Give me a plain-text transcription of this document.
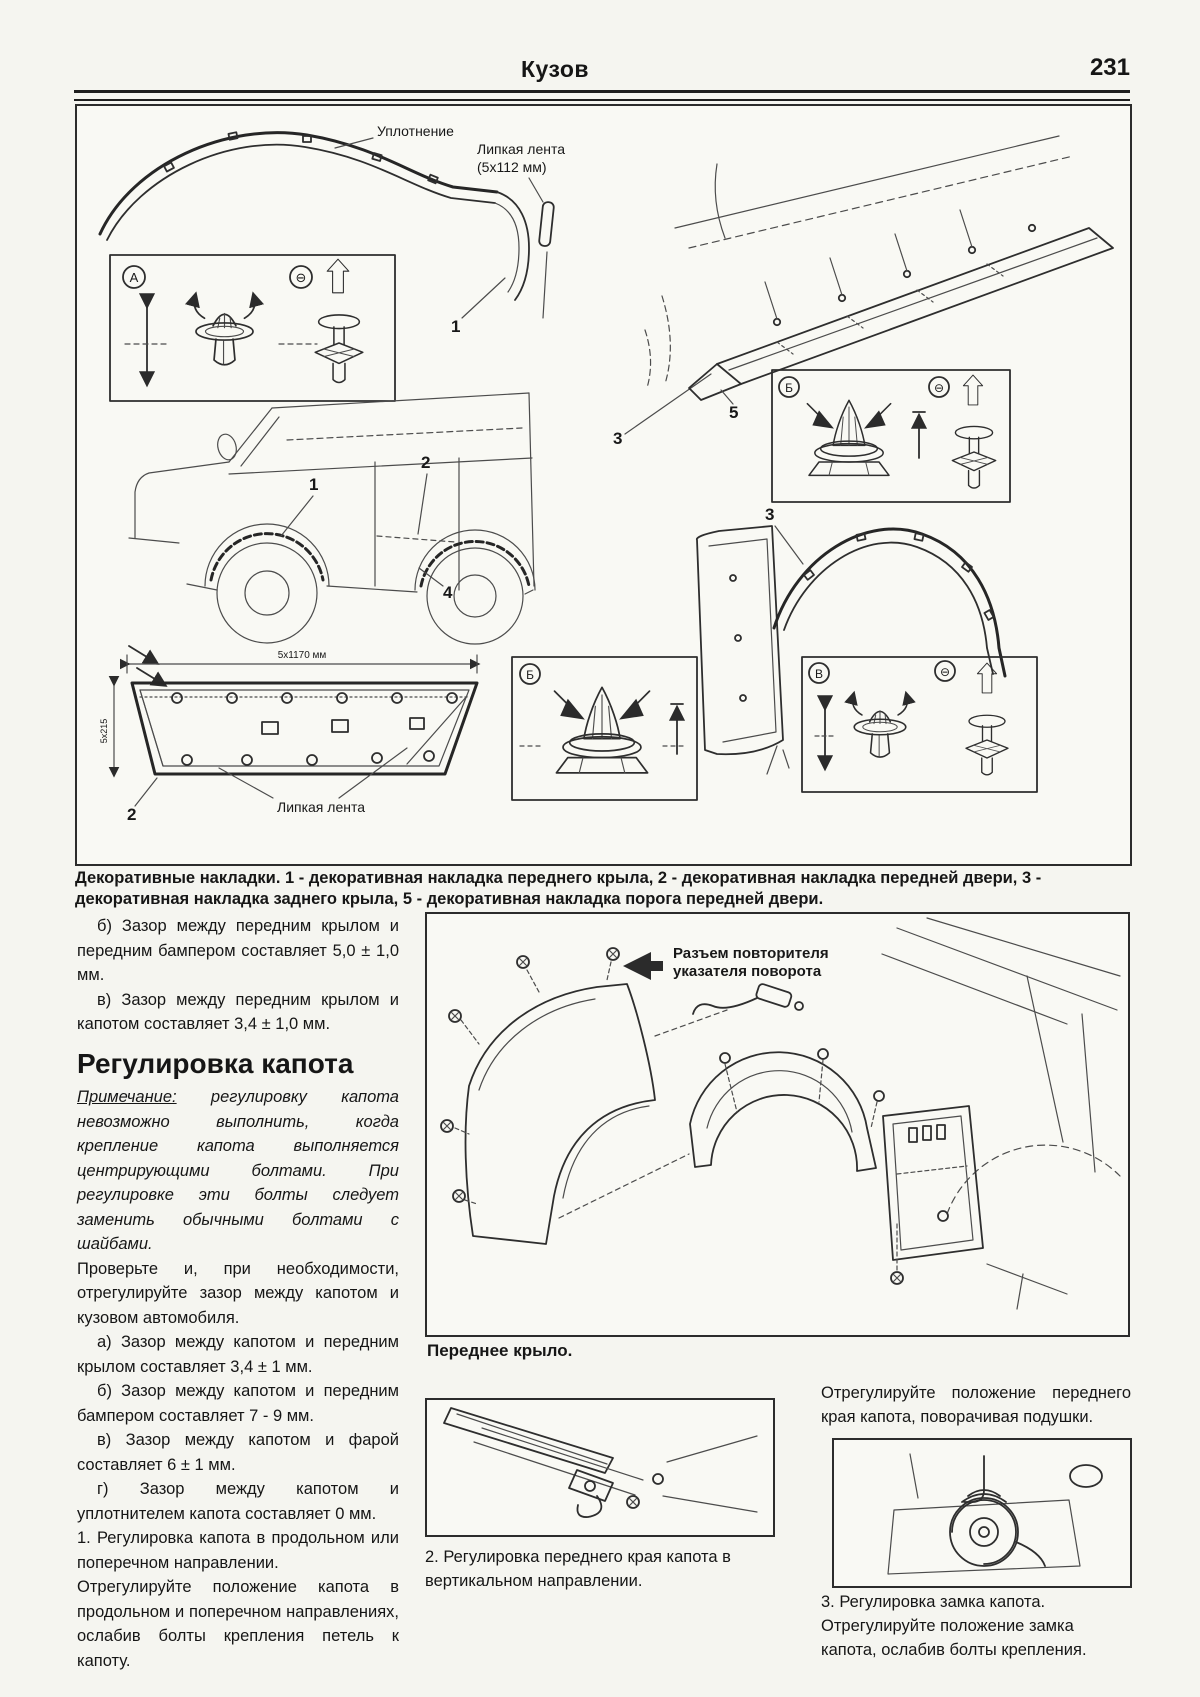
Кузов	231
Уплотнение
Липкая лента
(5х112 мм)
1
А	⊖
1
2
3
4
5х1170 мм
5х215
Липкая лента
2
Б
5
Б	⊖
3
В	⊖
Декоративные накладки. 1 - декоративная накладка переднего крыла, 2 - декоративная накладка передней двери, 3 - декоративная накладка заднего крыла, 5 - декоративная накладка порога передней двери.

б) Зазор между передним крылом и передним бампером составляет 5,0 ± 1,0 мм.

в) Зазор между передним крылом и капотом составляет 3,4 ± 1,0 мм.

Регулировка капота

Примечание: регулировку капота невозможно выполнить, когда крепление капота выполняется центрирующими болтами. При регулировке эти болты следует заменить обычными болтами с шайбами.

Проверьте и, при необходимости, отрегулируйте зазор между капотом и кузовом автомобиля.

а) Зазор между капотом и передним крылом составляет 3,4 ± 1 мм.

б) Зазор между капотом и передним бампером составляет 7 - 9 мм.

в) Зазор между капотом и фарой составляет 6 ± 1 мм.

г) Зазор между капотом и уплотнителем капота составляет 0 мм.

1. Регулировка капота в продольном или поперечном направлении.

Отрегулируйте положение капота в продольном и поперечном направлениях, ослабив болты крепления петель к капоту.

Разъем повторителя
указателя поворота
Переднее крыло.
2. Регулировка переднего края капота в вертикальном направлении.
Отрегулируйте положение переднего края капота, поворачивая подушки.
3. Регулировка замка капота.
Отрегулируйте положение замка капота, ослабив болты крепления.
